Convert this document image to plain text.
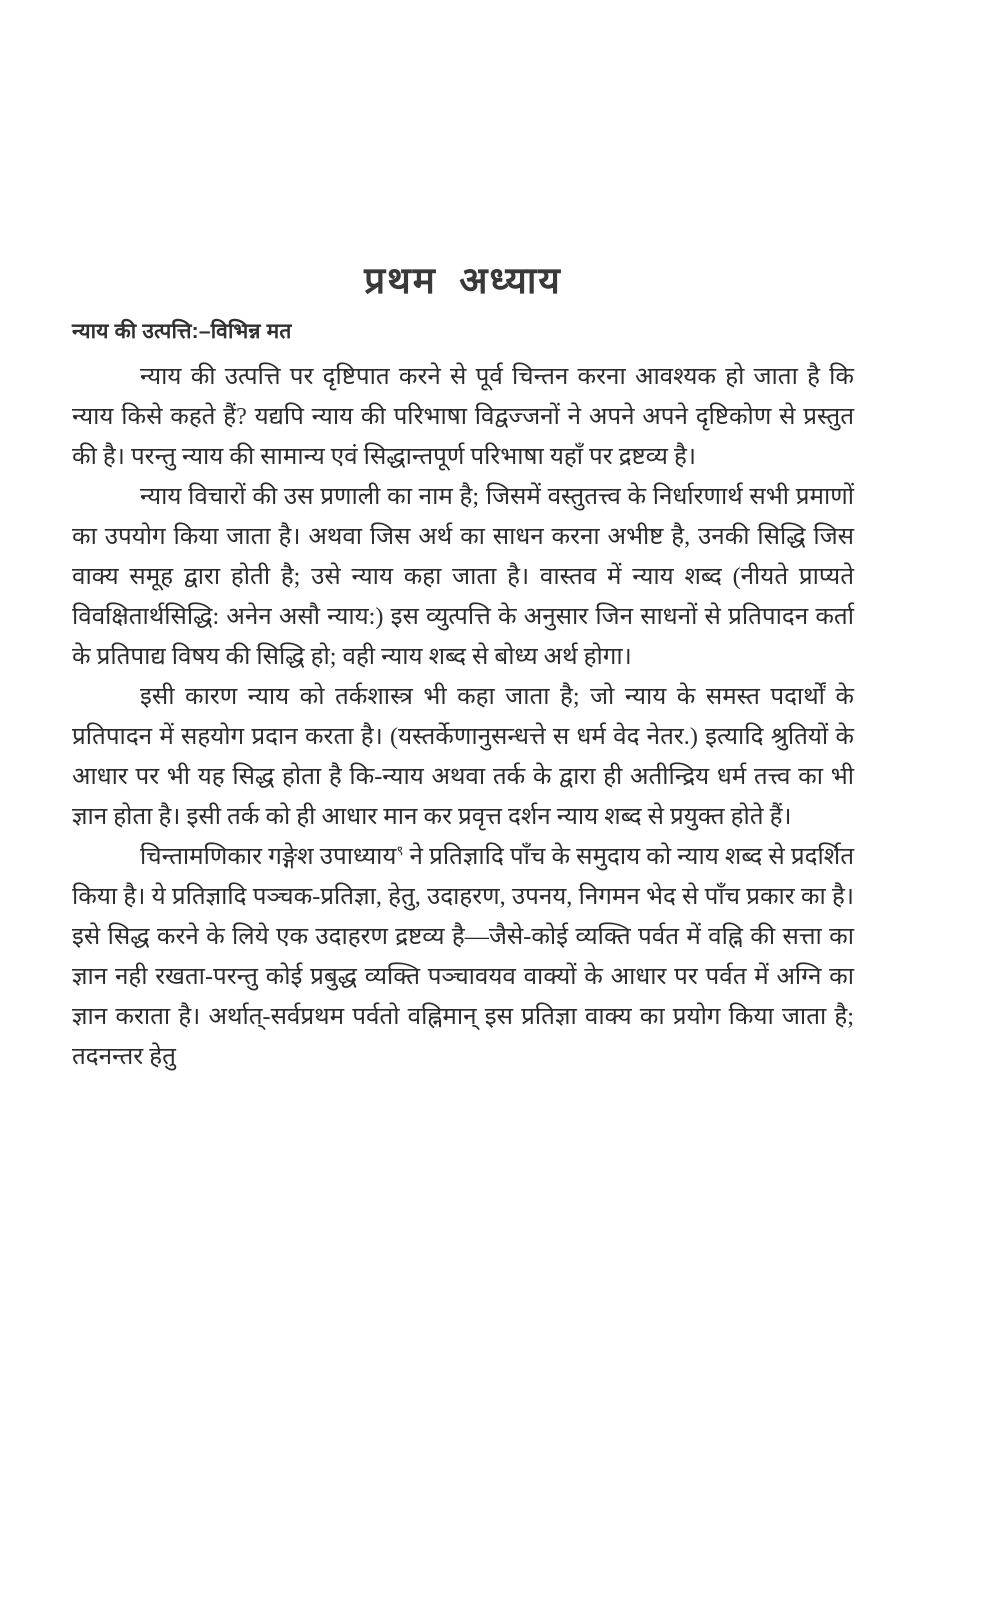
प्रथम अध्याय
न्याय की उत्पत्ति:–विभिन्न मत

न्याय की उत्पत्ति पर दृष्टिपात करने से पूर्व चिन्तन करना आवश्यक हो जाता है कि न्याय किसे कहते हैं? यद्यपि न्याय की परिभाषा विद्वज्जनों ने अपने अपने दृष्टिकोण से प्रस्तुत की है। परन्तु न्याय की सामान्य एवं सिद्धान्तपूर्ण परिभाषा यहाँ पर द्रष्टव्य है।

न्याय विचारों की उस प्रणाली का नाम है; जिसमें वस्तुतत्त्व के निर्धारणार्थ सभी प्रमाणों का उपयोग किया जाता है। अथवा जिस अर्थ का साधन करना अभीष्ट है, उनकी सिद्धि जिस वाक्य समूह द्वारा होती है; उसे न्याय कहा जाता है। वास्तव में न्याय शब्द (नीयते प्राप्यते विवक्षितार्थसिद्धि: अनेन असौ न्याय:) इस व्युत्पत्ति के अनुसार जिन साधनों से प्रतिपादन कर्ता के प्रतिपाद्य विषय की सिद्धि हो; वही न्याय शब्द से बोध्य अर्थ होगा।

इसी कारण न्याय को तर्कशास्त्र भी कहा जाता है; जो न्याय के समस्त पदार्थों के प्रतिपादन में सहयोग प्रदान करता है। (यस्तर्केणानुसन्धत्ते स धर्म वेद नेतर.) इत्यादि श्रुतियों के आधार पर भी यह सिद्ध होता है कि-न्याय अथवा तर्क के द्वारा ही अतीन्द्रिय धर्म तत्त्व का भी ज्ञान होता है। इसी तर्क को ही आधार मान कर प्रवृत्त दर्शन न्याय शब्द से प्रयुक्त होते हैं।

चिन्तामणिकार गङ्गेश उपाध्याय$^९$ ने प्रतिज्ञादि पाँच के समुदाय को न्याय शब्द से प्रदर्शित किया है। ये प्रतिज्ञादि पञ्चक-प्रतिज्ञा, हेतु, उदाहरण, उपनय, निगमन भेद से पाँच प्रकार का है। इसे सिद्ध करने के लिये एक उदाहरण द्रष्टव्य है—जैसे-कोई व्यक्ति पर्वत में वह्नि की सत्ता का ज्ञान नही रखता-परन्तु कोई प्रबुद्ध व्यक्ति पञ्चावयव वाक्यों के आधार पर पर्वत में अग्नि का ज्ञान कराता है। अर्थात्-सर्वप्रथम पर्वतो वह्निमान् इस प्रतिज्ञा वाक्य का प्रयोग किया जाता है; तदनन्तर हेतु
